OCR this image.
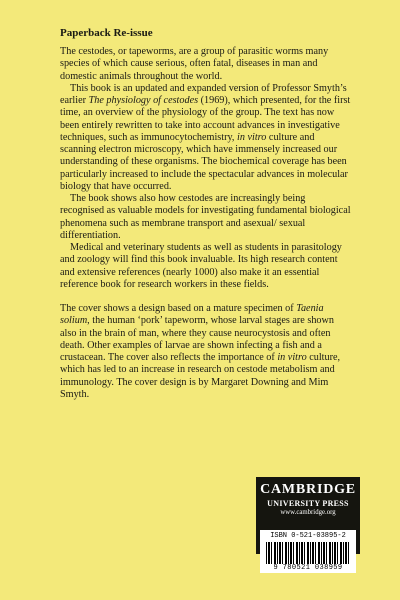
Paperback Re-issue

The cestodes, or tapeworms, are a group of parasitic worms many species of which cause serious, often fatal, diseases in man and domestic animals throughout the world.

This book is an updated and expanded version of Professor Smyth’s earlier The physiology of cestodes (1969), which presented, for the first time, an overview of the physiology of the group. The text has now been entirely rewritten to take into account advances in investigative techniques, such as immunocytochemistry, in vitro culture and scanning electron microscopy, which have immensely increased our understanding of these organisms. The biochemical coverage has been particularly increased to include the spectacular advances in molecular biology that have occurred.

The book shows also how cestodes are increasingly being recognised as valuable models for investigating fundamental biological phenomena such as membrane transport and asexual/ sexual differentiation.

Medical and veterinary students as well as students in parasitology and zoology will find this book invaluable. Its high research content and extensive references (nearly 1000) also make it an essential reference book for research workers in these fields.

The cover shows a design based on a mature specimen of Taenia solium, the human ‘pork’ tapeworm, whose larval stages are shown also in the brain of man, where they cause neurocystosis and often death. Other examples of larvae are shown infecting a fish and a crustacean. The cover also reflects the importance of in vitro culture, which has led to an increase in research on cestode metabolism and immunology. The cover design is by Margaret Downing and Mim Smyth.

CAMBRIDGE
UNIVERSITY PRESS
www.cambridge.org
ISBN 0-521-03895-2
9 780521 038959
